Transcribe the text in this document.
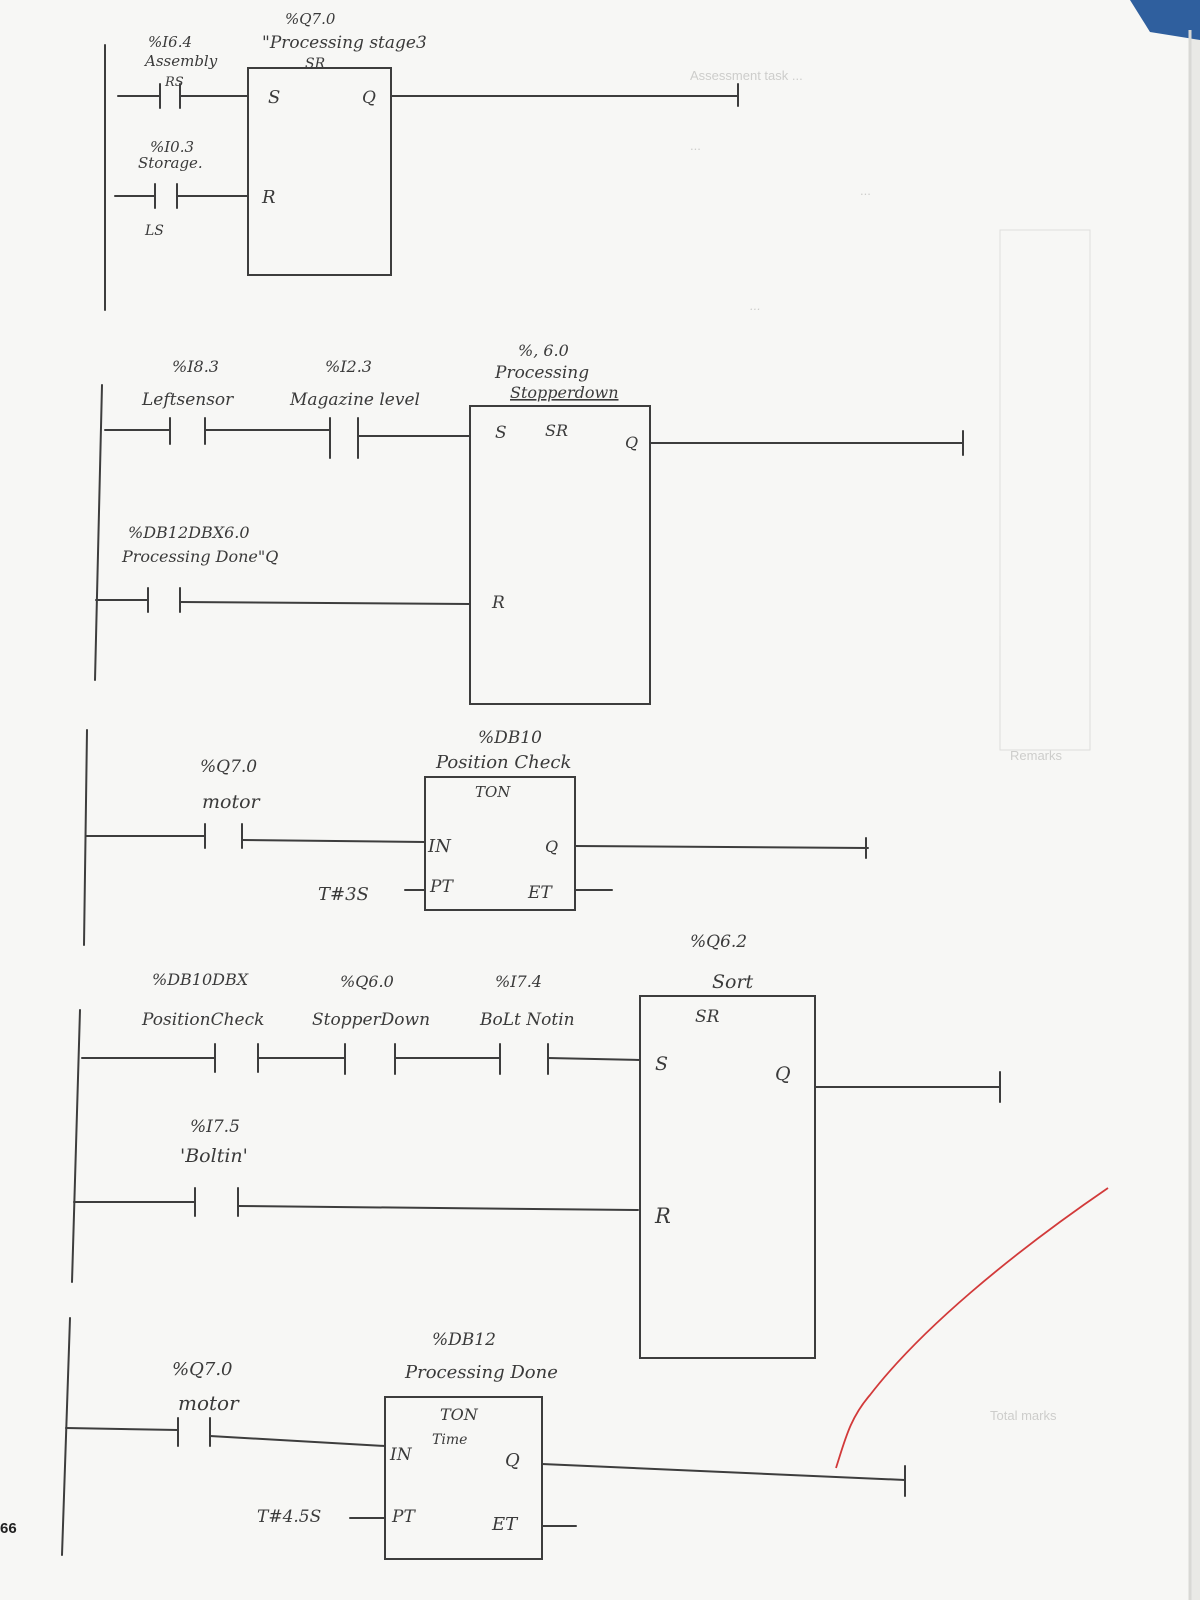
Assessment task ...
...
...
...
Remarks
Total marks
%I6.4
Assembly
RS
%I0.3
Storage.
LS
%Q7.0
"Processing stage3
SR
S
R
Q
%I8.3
Leftsensor
%I2.3
Magazine level
%DB12DBX6.0
Processing Done"Q
%, 6.0
Processing
Stopperdown
S SR
Q
R
%Q7.0
motor
%DB10
Position Check
TON
IN
PT
Q
ET
T#3S
%DB10DBX
PositionCheck
%Q6.0
StopperDown
%I7.4
BoLt Notin
%I7.5
'Boltin'
%Q6.2
Sort
SR
S
R
Q
%Q7.0
motor
%DB12
Processing Done
TON
Time
IN
PT
Q
ET
T#4.5S
66
